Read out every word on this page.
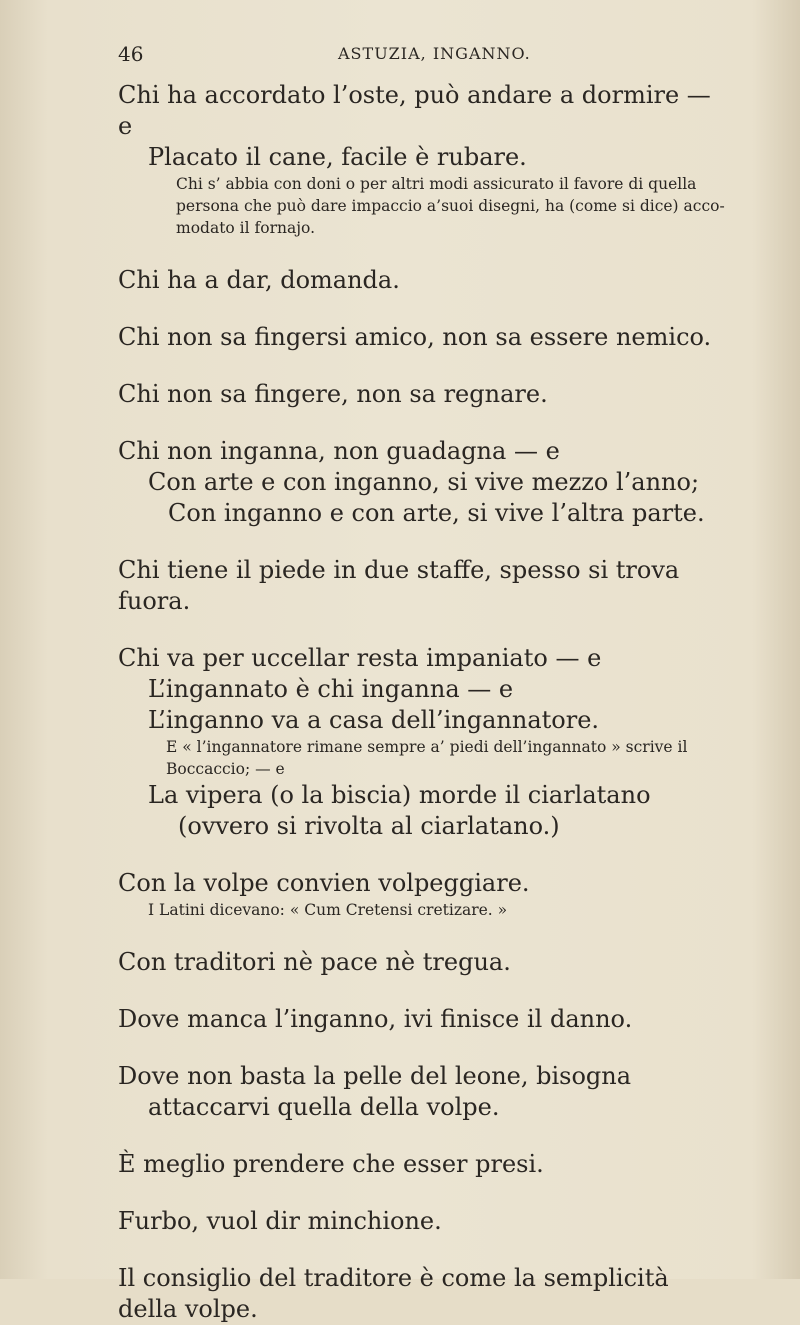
46	ASTUZIA, INGANNO.

Chi ha accordato l’oste, può andare a dormire — e

Placato il cane, facile è rubare.

Chi s’ abbia con doni o per altri modi assicurato il favore di quella persona che può dare impaccio a’suoi disegni, ha (come si dice) acco-modato il fornajo.

Chi ha a dar, domanda.

Chi non sa fingersi amico, non sa essere nemico.

Chi non sa fingere, non sa regnare.

Chi non inganna, non guadagna — e

Con arte e con inganno, si vive mezzo l’anno;

Con inganno e con arte, si vive l’altra parte.

Chi tiene il piede in due staffe, spesso si trova fuora.

Chi va per uccellar resta impaniato — e

L’ingannato è chi inganna — e

L’inganno va a casa dell’ingannatore.

E « l’ingannatore rimane sempre a’ piedi dell’ingannato » scrive il Boccaccio; — e

La vipera (o la biscia) morde il ciarlatano (ovvero si rivolta al ciarlatano.)

Con la volpe convien volpeggiare.

I Latini dicevano: « Cum Cretensi cretizare. »

Con traditori nè pace nè tregua.

Dove manca l’inganno, ivi finisce il danno.

Dove non basta la pelle del leone, bisogna attaccarvi quella della volpe.

È meglio prendere che esser presi.

Furbo, vuol dir minchione.

Il consiglio del traditore è come la semplicità della volpe.
